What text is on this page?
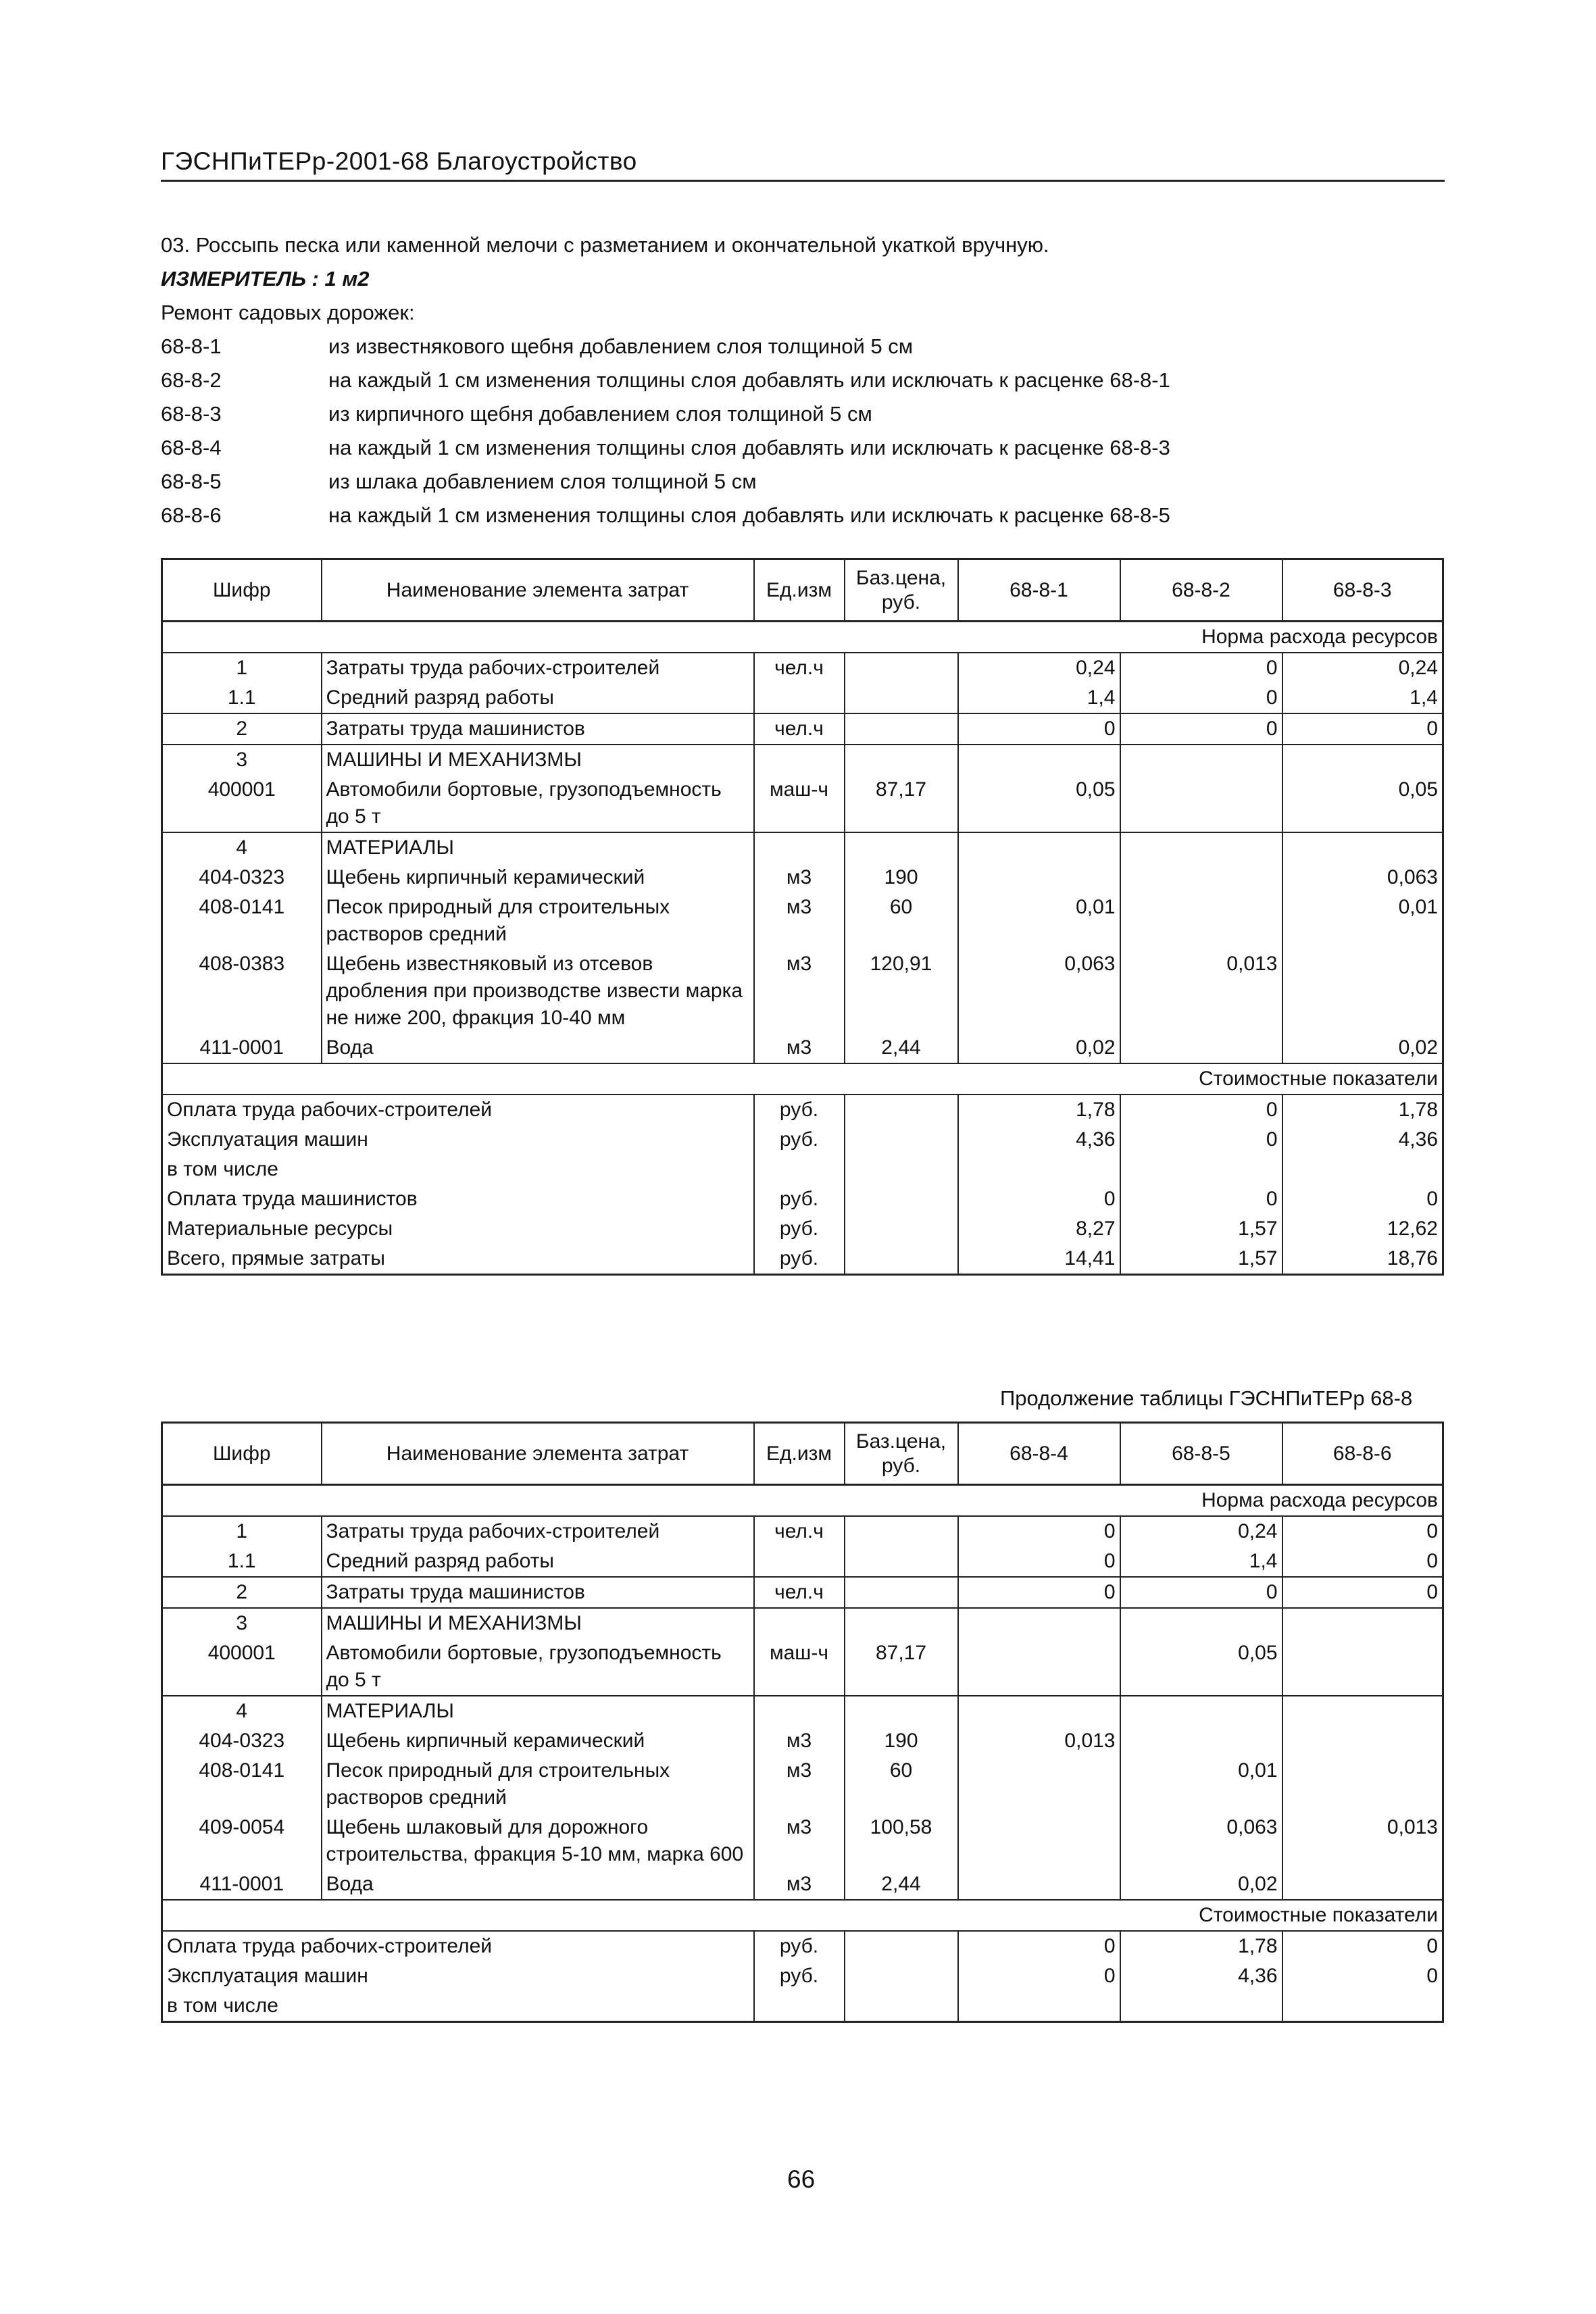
ГЭСНПиТЕРр-2001-68 Благоустройство
03. Россыпь песка или каменной мелочи с разметанием и окончательной укаткой вручную.
ИЗМЕРИТЕЛЬ : 1 м2
Ремонт садовых дорожек:
68-8-1	из известнякового щебня добавлением слоя толщиной 5 см
68-8-2	на каждый 1 см изменения толщины слоя добавлять или исключать к расценке 68-8-1
68-8-3	из кирпичного щебня добавлением слоя толщиной 5 см
68-8-4	на каждый 1 см изменения толщины слоя добавлять или исключать к расценке 68-8-3
68-8-5	из шлака добавлением слоя толщиной 5 см
68-8-6	на каждый 1 см изменения толщины слоя добавлять или исключать к расценке 68-8-5
Шифр	Наименование элемента затрат	Ед.изм	Баз.цена, руб.	68-8-1	68-8-2	68-8-3
Норма расхода ресурсов						
1	Затраты труда рабочих-строителей	чел.ч		0,24	0	0,24
1.1	Средний разряд работы			1,4	0	1,4
2	Затраты труда машинистов	чел.ч		0	0	0
3	МАШИНЫ И МЕХАНИЗМЫ					
400001	Автомобили бортовые, грузоподъемность до 5 т	маш-ч	87,17	0,05		0,05
4	МАТЕРИАЛЫ					
404-0323	Щебень кирпичный керамический	м3	190			0,063
408-0141	Песок природный для строительных растворов средний	м3	60	0,01		0,01
408-0383	Щебень известняковый из отсевов дробления при производстве извести марка не ниже 200, фракция 10-40 мм	м3	120,91	0,063	0,013	
411-0001	Вода	м3	2,44	0,02		0,02
Стоимостные показатели						
Оплата труда рабочих-строителей		руб.		1,78	0	1,78
Эксплуатация машин		руб.		4,36	0	4,36
в том числе						
Оплата труда машинистов		руб.		0	0	0
Материальные ресурсы		руб.		8,27	1,57	12,62
Всего, прямые затраты		руб.		14,41	1,57	18,76
Продолжение таблицы ГЭСНПиТЕРр 68-8
Шифр	Наименование элемента затрат	Ед.изм	Баз.цена, руб.	68-8-4	68-8-5	68-8-6
Норма расхода ресурсов						
1	Затраты труда рабочих-строителей	чел.ч		0	0,24	0
1.1	Средний разряд работы			0	1,4	0
2	Затраты труда машинистов	чел.ч		0	0	0
3	МАШИНЫ И МЕХАНИЗМЫ					
400001	Автомобили бортовые, грузоподъемность до 5 т	маш-ч	87,17		0,05	
4	МАТЕРИАЛЫ					
404-0323	Щебень кирпичный керамический	м3	190	0,013		
408-0141	Песок природный для строительных растворов средний	м3	60		0,01	
409-0054	Щебень шлаковый для дорожного строительства, фракция 5-10 мм, марка 600	м3	100,58		0,063	0,013
411-0001	Вода	м3	2,44		0,02	
Стоимостные показатели						
Оплата труда рабочих-строителей		руб.		0	1,78	0
Эксплуатация машин		руб.		0	4,36	0
в том числе						
66
